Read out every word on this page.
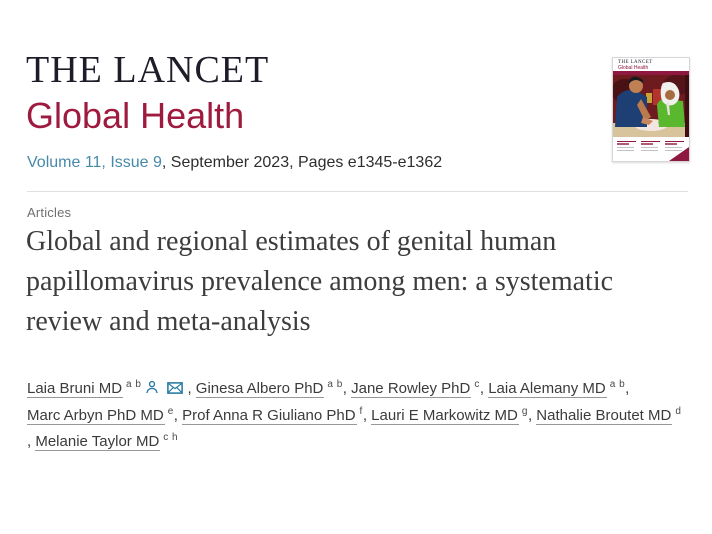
THE LANCET
Global Health
Volume 11, Issue 9, September 2023, Pages e1345-e1362
THE LANCET
Global Health
Articles
Global and regional estimates of genital human papillomavirus prevalence among men: a systematic review and meta-analysis
Laia Bruni MD $^{a b}$	, Ginesa Albero PhD $^{a b}$, Jane Rowley PhD $^c$, Laia Alemany MD $^{a b}$,
Marc Arbyn PhD MD $^e$, Prof Anna R Giuliano PhD $^f$, Lauri E Markowitz MD $^g$, Nathalie Broutet MD $^d$
, Melanie Taylor MD $^{c h}$
